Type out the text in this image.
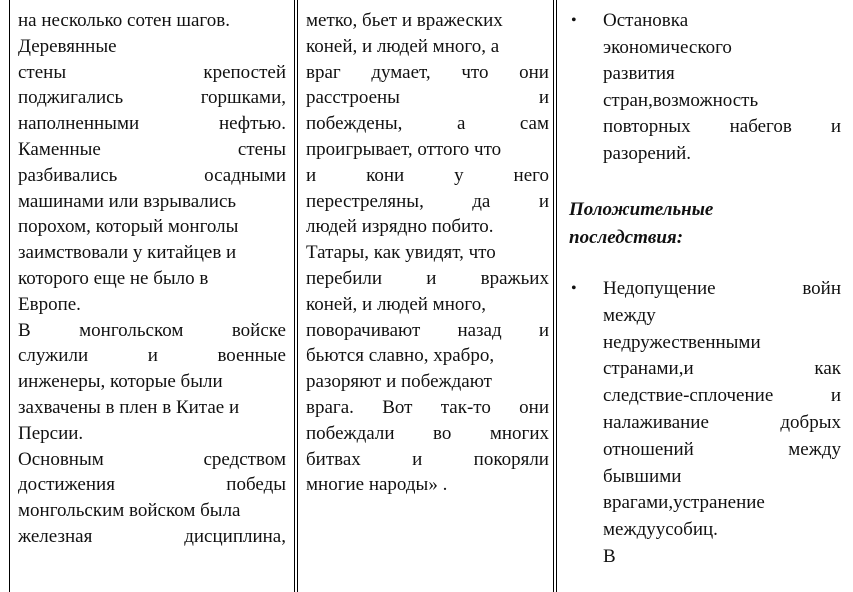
на несколько сотен шагов.
Деревянные
стены	крепостей
поджигались	горшками,
наполненными	нефтью.
Каменные	стены
разбивались	осадными
машинами или взрывались
порохом, который монголы
заимствовали у китайцев и
которого еще не было в
Европе.
В	монгольском	войске
служили	и	военные
инженеры, которые были
захвачены в плен в Китае и
Персии.
Основным	средством
достижения	победы
монгольским войском была
железная	дисциплина,
метко, бьет и вражеских
коней, и людей много, а
враг думает, что они
расстроены	и
побеждены,	а	сам
проигрывает, оттого что
и	кони	у	него
перестреляны,	да	и
людей изрядно побито.
Татары, как увидят, что
перебили и вражьих
коней, и людей много,
поворачивают назад и
бьются славно, храбро,
разоряют и побеждают
врага. Вот так-то они
побеждали во многих
битвах	и	покоряли
многие народы» .
• Остановка
экономического
развития
стран,возможность
повторных набегов и
разорений.
Положительные
последствия:
• Недопущение	войн
между
недружественными
странами,и	как
следствие-сплочение	и
налаживание	добрых
отношений	между
бывшими
врагами,устранение
междуусобиц.
В
